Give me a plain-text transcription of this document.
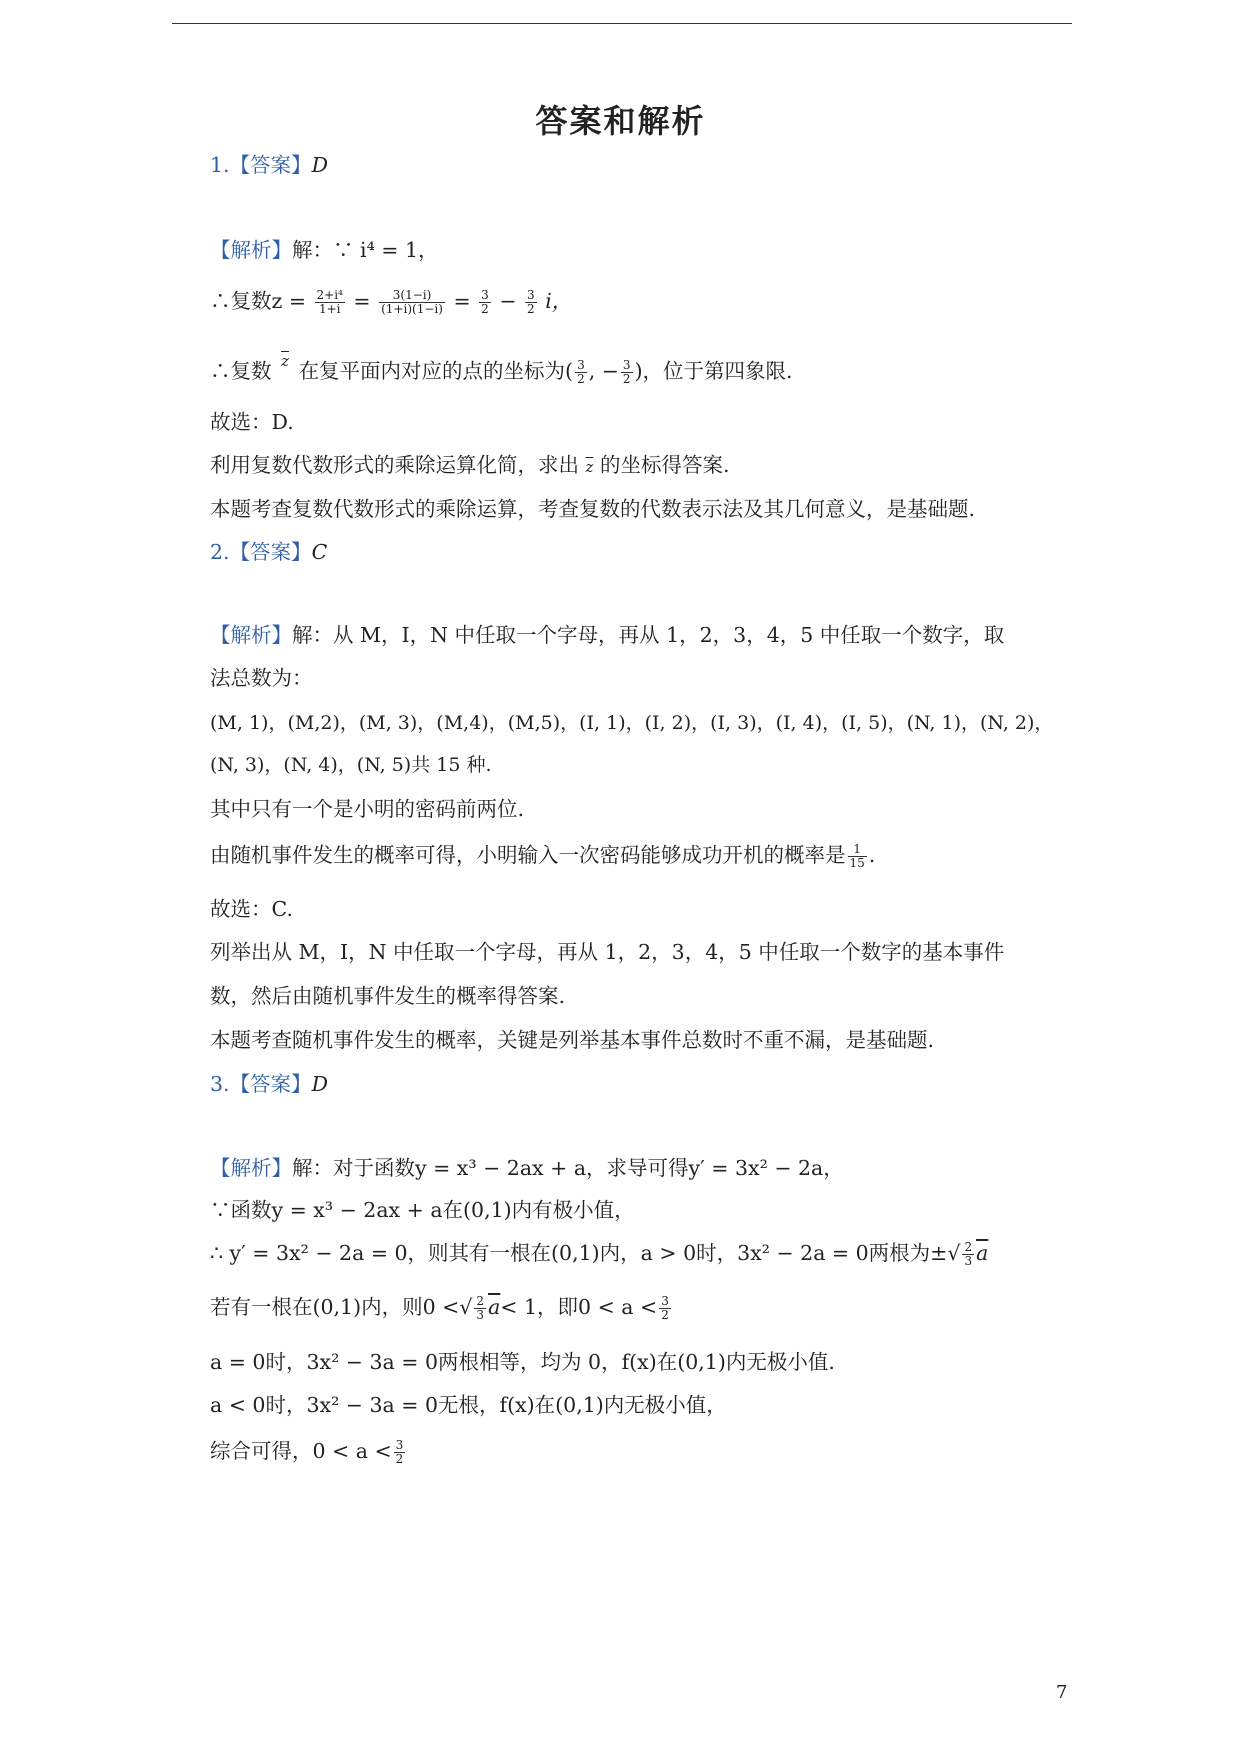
答案和解析
1.【答案】D
【解析】解：∵ i⁴ = 1，
∴复数$z = \frac{\text{2+i⁴}}{1+i} = \frac{3(1-i)}{(1+i)(1-i)} = \frac{3}{2} - \frac{3}{2}$ i，
∴复数 $\overline{z}$ 在复平面内对应的点的坐标为( $\frac{3}{2}$ , − $\frac{3}{2}$ )，位于第四象限.
故选：D.
利用复数代数形式的乘除运算化简，求出 $\overline{z}$ 的坐标得答案.
本题考查复数代数形式的乘除运算，考查复数的代数表示法及其几何意义，是基础题.
2.【答案】C
【解析】解：从 M，I，N 中任取一个字母，再从 1，2，3，4，5 中任取一个数字，取
法总数为：
(M, 1)，(M,2)，(M, 3)，(M,4)，(M,5)，(I, 1)，(I, 2)，(I, 3)，(I, 4)，(I, 5)，(N, 1)，(N, 2)，
(N, 3)，(N, 4)，(N, 5)共 15 种.
其中只有一个是小明的密码前两位.
由随机事件发生的概率可得，小明输入一次密码能够成功开机的概率是 $\frac{1}{15}$ .
故选：C.
列举出从 M，I，N 中任取一个字母，再从 1，2，3，4，5 中任取一个数字的基本事件
数，然后由随机事件发生的概率得答案.
本题考查随机事件发生的概率，关键是列举基本事件总数时不重不漏，是基础题.
3.【答案】D
【解析】解：对于函数y = x³ − 2ax + a，求导可得y′ = 3x² − 2a，
∵函数y = x³ − 2ax + a在(0,1)内有极小值，
∴ y′ = 3x² − 2a = 0，则其有一根在(0,1)内，a > 0时，3x² − 2a = 0两根为±√ $\frac{2}{3} \overline{a}$
若有一根在(0,1)内，则0 <√ $\frac{2}{3} \overline{a}< 1$，即$0 < a < \frac{3}{2}$
a = 0时，3x² − 3a = 0两根相等，均为 0，f(x)在(0,1)内无极小值.
a < 0时，3x² − 3a = 0无根，f(x)在(0,1)内无极小值，
综合可得，$0 < a < \frac{3}{2}$
7
